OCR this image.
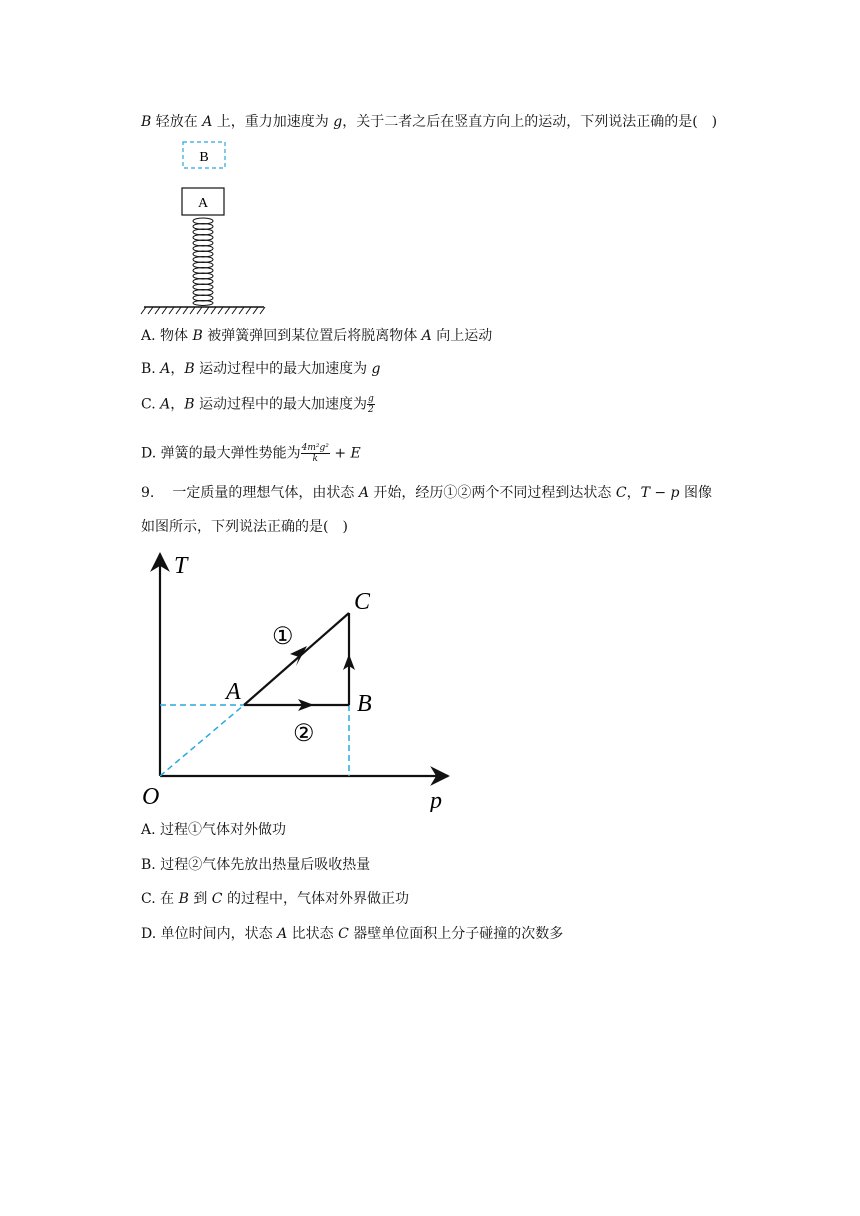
B 轻放在 A 上，重力加速度为 g，关于二者之后在竖直方向上的运动，下列说法正确的是(　)
B
A
A. 物体 B 被弹簧弹回到某位置后将脱离物体 A 向上运动
B. A，B 运动过程中的最大加速度为 g
C. A，B 运动过程中的最大加速度为 $\frac{g}{2}$
D. 弹簧的最大弹性势能为 $\frac{\text{4m²g²}}{k} + E$
9. 一定质量的理想气体，由状态 A 开始，经历①②两个不同过程到达状态 C，T − p 图像
如图所示，下列说法正确的是(　)
T
p
O
A	B
C
①
②
A. 过程①气体对外做功
B. 过程②气体先放出热量后吸收热量
C. 在 B 到 C 的过程中，气体对外界做正功
D. 单位时间内，状态 A 比状态 C 器壁单位面积上分子碰撞的次数多
